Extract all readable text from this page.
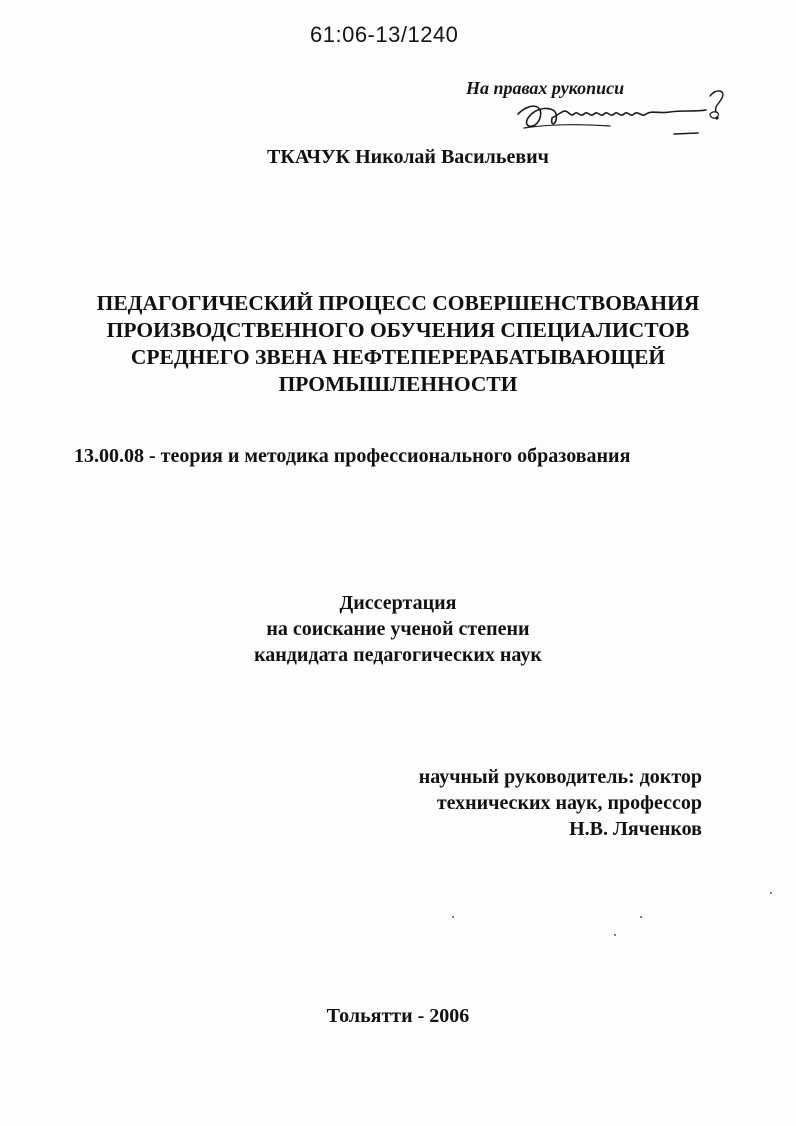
61:06-13/1240
На правах рукописи
ТКАЧУК Николай Васильевич
ПЕДАГОГИЧЕСКИЙ ПРОЦЕСС СОВЕРШЕНСТВОВАНИЯ
ПРОИЗВОДСТВЕННОГО ОБУЧЕНИЯ СПЕЦИАЛИСТОВ
СРЕДНЕГО ЗВЕНА НЕФТЕПЕРЕРАБАТЫВАЮЩЕЙ
ПРОМЫШЛЕННОСТИ
13.00.08 - теория и методика профессионального образования
Диссертация
на соискание ученой степени
кандидата педагогических наук
научный руководитель: доктор
технических наук, профессор
Н.В. Ляченков
Тольятти - 2006
